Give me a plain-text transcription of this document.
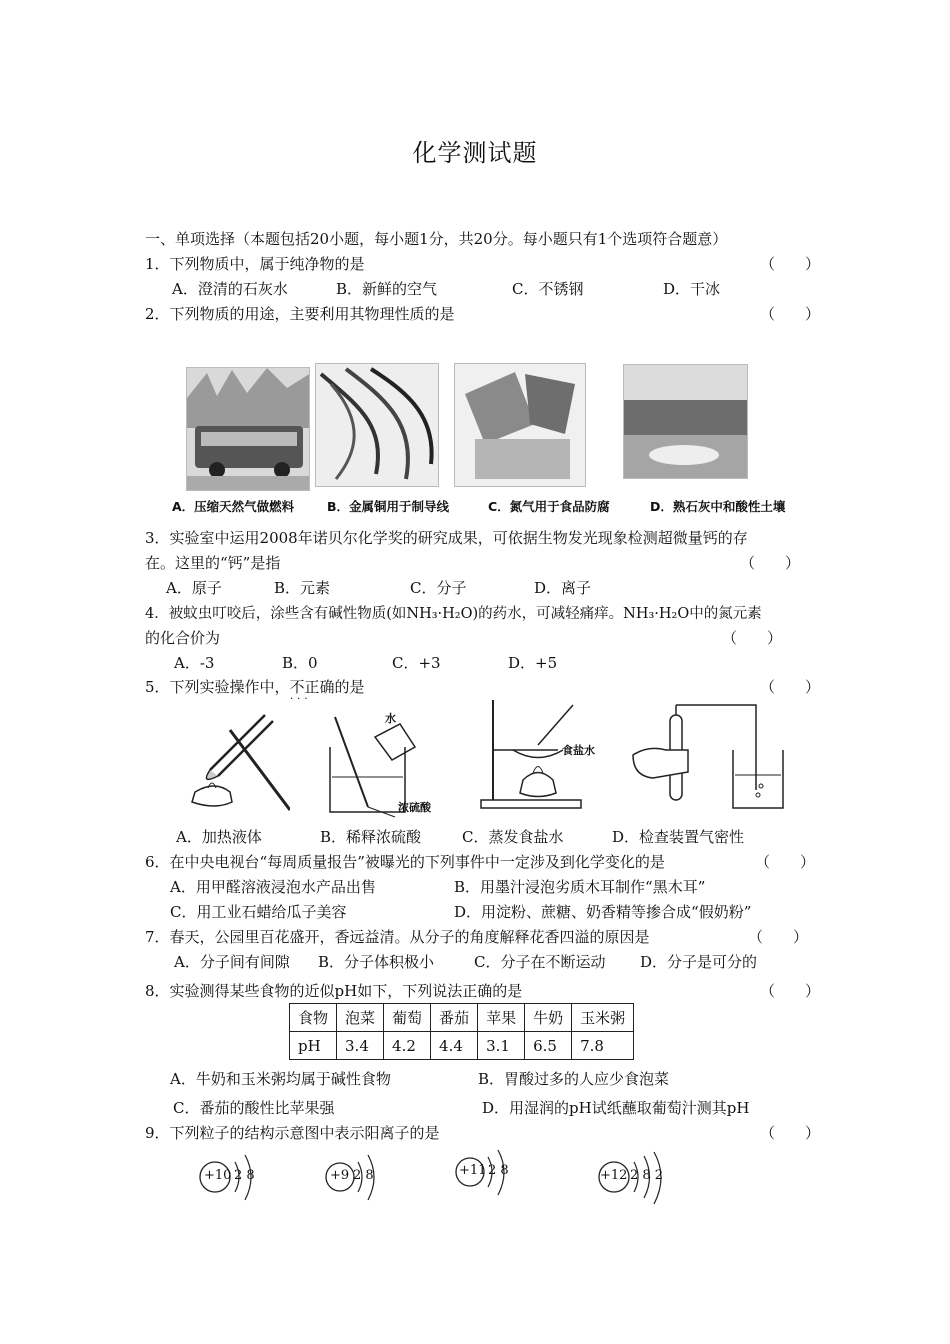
化学测试题
一、单项选择（本题包括20小题，每小题1分，共20分。每小题只有1个选项符合题意）
1．下列物质中，属于纯净物的是	（　　）
A．澄清的石灰水	B．新鲜的空气	C．不锈钢	D．干冰
2．下列物质的用途，主要利用其物理性质的是	（　　）
A．压缩天然气做燃料	B．金属铜用于制导线	C．氮气用于食品防腐	D．熟石灰中和酸性土壤
3．实验室中运用2008年诺贝尔化学奖的研究成果，可依据生物发光现象检测超微量钙的存
在。这里的“钙”是指	（　　）
A．原子	B．元素	C．分子	D．离子
4．被蚊虫叮咬后，涂些含有碱性物质(如NH₃·H₂O)的药水，可减轻痛痒。NH₃·H₂O中的氮元素
的化合价为	（　　）
A．-3	B．0	C．+3	D．+5
5．下列实验操作中，不正确的是
···
（　　）
水
浓硫酸
食盐水
A．加热液体	B．稀释浓硫酸	C．蒸发食盐水	D．检查装置气密性
6．在中央电视台“每周质量报告”被曝光的下列事件中一定涉及到化学变化的是	（　　）
A．用甲醛溶液浸泡水产品出售	B．用墨汁浸泡劣质木耳制作“黑木耳”
C．用工业石蜡给瓜子美容	D．用淀粉、蔗糖、奶香精等掺合成“假奶粉”
7．春天，公园里百花盛开，香远益清。从分子的角度解释花香四溢的原因是	（　　）
A．分子间有间隙 B．分子体积极小	C．分子在不断运动 D．分子是可分的
8．实验测得某些食物的近似pH如下，下列说法正确的是	（　　）
食物	泡菜	葡萄	番茄	苹果	牛奶	玉米粥
pH	3.4	4.2	4.4	3.1	6.5	7.8
A．牛奶和玉米粥均属于碱性食物	B．胃酸过多的人应少食泡菜
C．番茄的酸性比苹果强	D．用湿润的pH试纸蘸取葡萄汁测其pH
9．下列粒子的结构示意图中表示阳离子的是	（　　）
+10 2 8	+9 2 8	+11 2 8	+12 2 8 2
